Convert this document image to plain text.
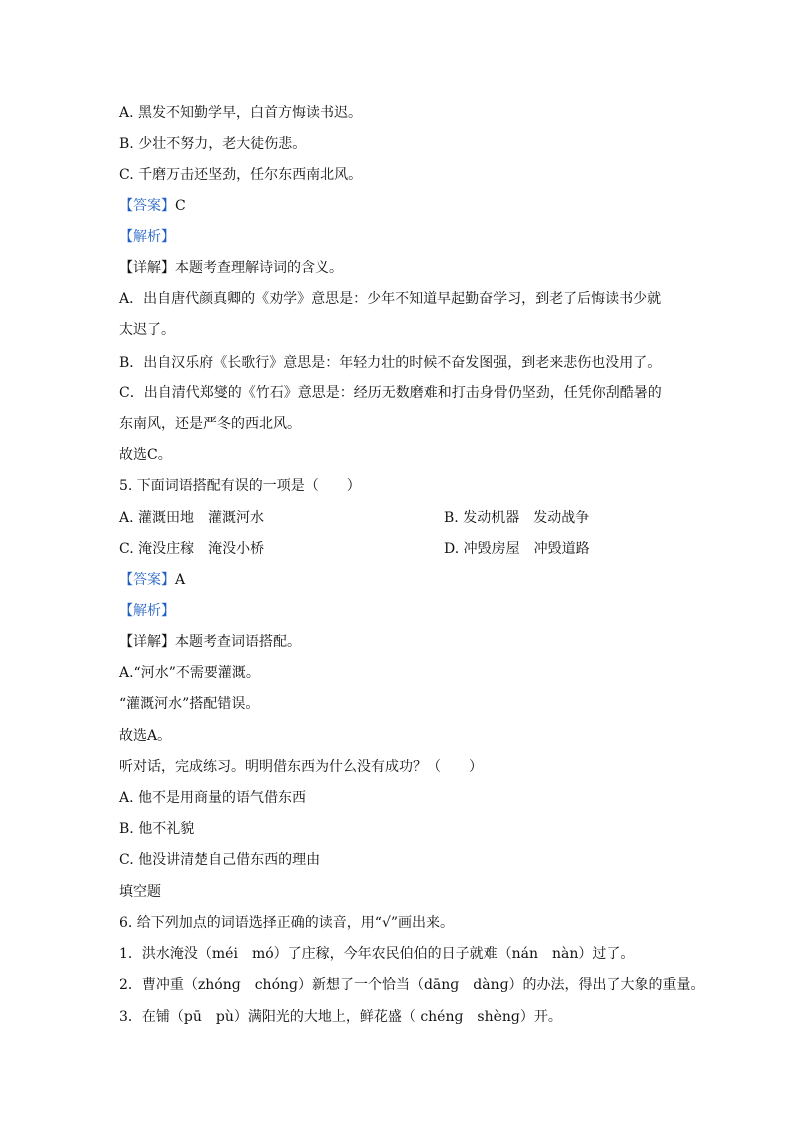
A. 黑发不知勤学早，白首方悔读书迟。
B. 少壮不努力，老大徒伤悲。
C. 千磨万击还坚劲，任尔东西南北风。
【答案】C
【解析】
【详解】本题考查理解诗词的含义。
A．出自唐代颜真卿的《劝学》意思是：少年不知道早起勤奋学习，到老了后悔读书少就
太迟了。
B．出自汉乐府《长歌行》意思是：年轻力壮的时候不奋发图强，到老来悲伤也没用了。
C．出自清代郑燮的《竹石》意思是：经历无数磨难和打击身骨仍坚劲，任凭你刮酷暑的
东南风，还是严冬的西北风。
故选C。
5. 下面词语搭配有误的一项是（　　）
A. 灌溉田地　灌溉河水	B. 发动机器　发动战争
C. 淹没庄稼　淹没小桥	D. 冲毁房屋　冲毁道路
【答案】A
【解析】
【详解】本题考查词语搭配。
A.“河水”不需要灌溉。
“灌溉河水”搭配错误。
故选A。
听对话，完成练习。明明借东西为什么没有成功？（　　）
A. 他不是用商量的语气借东西
B. 他不礼貌
C. 他没讲清楚自己借东西的理由
填空题
6. 给下列加点的词语选择正确的读音，用“√”画出来。
1．洪水淹没（méi　mó）了庄稼，今年农民伯伯的日子就难（nán　nàn）过了。
2．曹冲重（zhónɡ　chónɡ）新想了一个恰当（dānɡ　dànɡ）的办法，得出了大象的重量。
3．在铺（pū　pù）满阳光的大地上，鲜花盛（ chénɡ　shènɡ）开。
